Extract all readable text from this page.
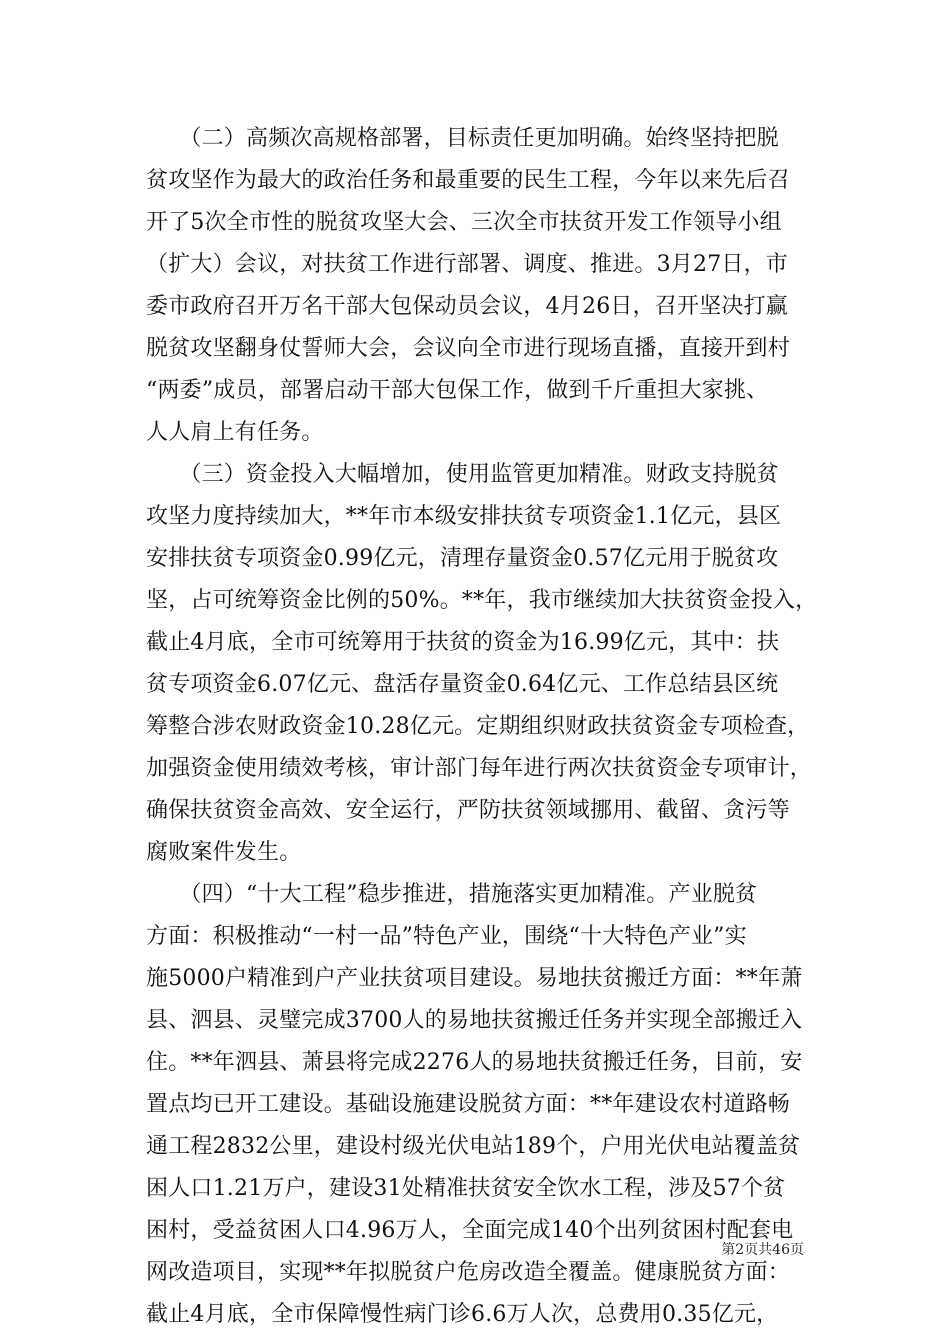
　　（二）高频次高规格部署，目标责任更加明确。始终坚持把脱
贫攻坚作为最大的政治任务和最重要的民生工程，今年以来先后召
开了5次全市性的脱贫攻坚大会、三次全市扶贫开发工作领导小组
（扩大）会议，对扶贫工作进行部署、调度、推进。3月27日，市
委市政府召开万名干部大包保动员会议，4月26日，召开坚决打赢
脱贫攻坚翻身仗誓师大会，会议向全市进行现场直播，直接开到村
“两委”成员，部署启动干部大包保工作，做到千斤重担大家挑、
人人肩上有任务。
　　（三）资金投入大幅增加，使用监管更加精准。财政支持脱贫
攻坚力度持续加大，**年市本级安排扶贫专项资金1.1亿元，县区
安排扶贫专项资金0.99亿元，清理存量资金0.57亿元用于脱贫攻
坚，占可统筹资金比例的50%。**年，我市继续加大扶贫资金投入，
截止4月底，全市可统筹用于扶贫的资金为16.99亿元，其中：扶
贫专项资金6.07亿元、盘活存量资金0.64亿元、工作总结县区统
筹整合涉农财政资金10.28亿元。定期组织财政扶贫资金专项检查，
加强资金使用绩效考核，审计部门每年进行两次扶贫资金专项审计，
确保扶贫资金高效、安全运行，严防扶贫领域挪用、截留、贪污等
腐败案件发生。
　　（四）“十大工程”稳步推进，措施落实更加精准。产业脱贫
方面：积极推动“一村一品”特色产业，围绕“十大特色产业”实
施5000户精准到户产业扶贫项目建设。易地扶贫搬迁方面：**年萧
县、泗县、灵璧完成3700人的易地扶贫搬迁任务并实现全部搬迁入
住。**年泗县、萧县将完成2276人的易地扶贫搬迁任务，目前，安
置点均已开工建设。基础设施建设脱贫方面：**年建设农村道路畅
通工程2832公里，建设村级光伏电站189个，户用光伏电站覆盖贫
困人口1.21万户，建设31处精准扶贫安全饮水工程，涉及57个贫
困村，受益贫困人口4.96万人，全面完成140个出列贫困村配套电
网改造项目，实现**年拟脱贫户危房改造全覆盖。健康脱贫方面：
截止4月底，全市保障慢性病门诊6.6万人次，总费用0.35亿元，
第2页共46页
